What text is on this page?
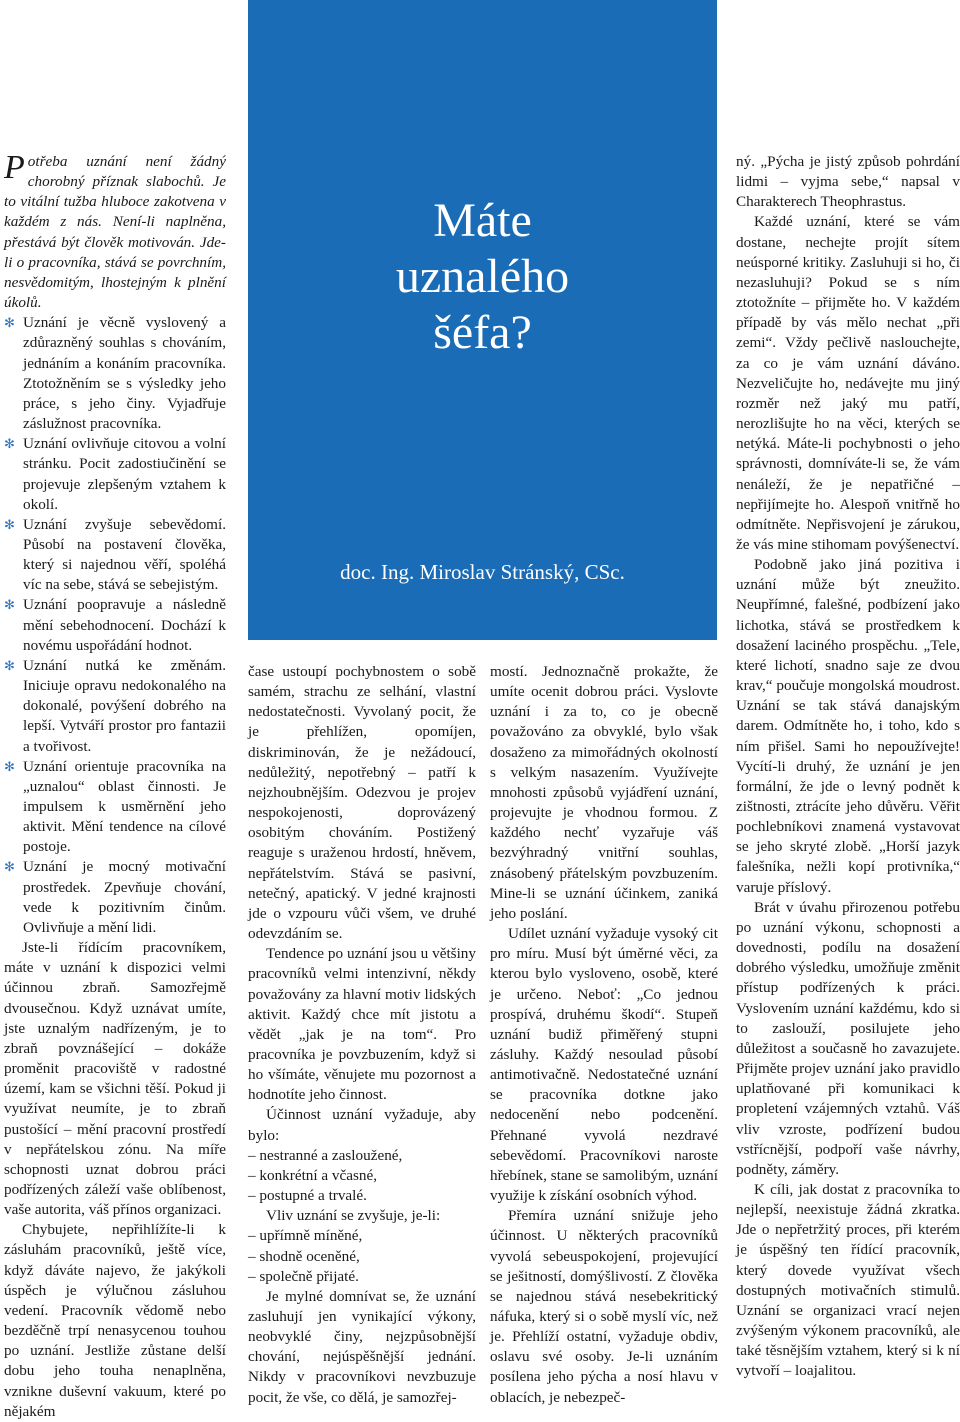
Potřeba uznání není žádný chorobný příznak slabochů. Je to vitální tužba hluboce zakotvena v každém z nás. Není-li naplněna, přestává být člověk motivován. Jde-li o pracovníka, stává se povrchním, nesvědomitým, lhostejným k plnění úkolů.

✻ Uznání je věcně vyslovený a zdůrazněný souhlas s chováním, jednáním a konáním pracovníka. Ztotožněním se s výsledky jeho práce, s jeho činy. Vyjadřuje záslužnost pracovníka.

✻ Uznání ovlivňuje citovou a volní stránku. Pocit zadostiučinění se projevuje zlepšeným vztahem k okolí.

✻ Uznání zvyšuje sebevědomí. Působí na postavení člověka, který si najednou věří, spoléhá víc na sebe, stává se sebejistým.

✻ Uznání poopravuje a následně mění sebehodnocení. Dochází k novému uspořádání hodnot.

✻ Uznání nutká ke změnám. Iniciuje opravu nedokonalého na dokonalé, povýšení dobrého na lepší. Vytváří prostor pro fantazii a tvořivost.

✻ Uznání orientuje pracovníka na „uznalou“ oblast činnosti. Je impulsem k usměrnění jeho aktivit. Mění tendence na cílové postoje.

✻ Uznání je mocný motivační prostředek. Zpevňuje chování, vede k pozitivním činům. Ovlivňuje a mění lidi.

Jste-li řídícím pracovníkem, máte v uznání k dispozici velmi účinnou zbraň. Samozřejmě dvousečnou. Když uznávat umíte, jste uznalým nadřízeným, je to zbraň povznášející – dokáže proměnit pracoviště v radostné území, kam se všichni těší. Pokud ji využívat neumíte, je to zbraň pustošící – mění pracovní prostředí v nepřátelskou zónu. Na míře schopnosti uznat dobrou práci podřízených záleží vaše oblíbenost, vaše autorita, váš přínos organizaci.

Chybujete, nepřihlížíte-li k zásluhám pracovníků, ještě více, když dáváte najevo, že jakýkoli úspěch je výlučnou zásluhou vedení. Pracovník vědomě nebo bezděčně trpí nenasycenou touhou po uznání. Jestliže zůstane delší dobu jeho touha nenaplněna, vznikne duševní vakuum, které po nějakém

Máte
uznalého
šéfa?
doc. Ing. Miroslav Stránský, CSc.

čase ustoupí pochybnostem o sobě samém, strachu ze selhání, vlastní nedostatečnosti. Vyvolaný pocit, že je přehlížen, opomíjen, diskriminován, že je nežádoucí, nedůležitý, nepotřebný – patří k nejzhoubnějším. Odezvou je projev nespokojenosti, doprovázený osobitým chováním. Postižený reaguje s uraženou hrdostí, hněvem, nepřátelstvím. Stává se pasivní, netečný, apatický. V jedné krajnosti jde o vzpouru vůči všem, ve druhé odevzdáním se.

Tendence po uznání jsou u většiny pracovníků velmi intenzivní, někdy považovány za hlavní motiv lidských aktivit. Každý chce mít jistotu a vědět „jak je na tom“. Pro pracovníka je povzbuzením, když si ho všímáte, věnujete mu pozornost a hodnotíte jeho činnost.

Účinnost uznání vyžaduje, aby bylo:

– nestranné a zasloužené,

– konkrétní a včasné,

– postupné a trvalé.

Vliv uznání se zvyšuje, je-li:

– upřímně míněné,

– shodně oceněné,

– společně přijaté.

Je mylné domnívat se, že uznání zasluhují jen vynikající výkony, neobvyklé činy, nejzpůsobnější chování, nejúspěšnější jednání. Nikdy v pracovníkovi nevzbuzuje pocit, že vše, co dělá, je samozřej-

mostí. Jednoznačně prokažte, že umíte ocenit dobrou práci. Vyslovte uznání i za to, co je obecně považováno za obvyklé, bylo však dosaženo za mimořádných okolností s velkým nasazením. Využívejte mnohosti způsobů vyjádření uznání, projevujte je vhodnou formou. Z každého nechť vyzařuje váš bezvýhradný vnitřní souhlas, znásobený přátelským povzbuzením. Mine-li se uznání účinkem, zaniká jeho poslání.

Udílet uznání vyžaduje vysoký cit pro míru. Musí být úměrné věci, za kterou bylo vysloveno, osobě, které je určeno. Neboť: „Co jednou prospívá, druhému škodí“. Stupeň uznání budiž přiměřený stupni zásluhy. Každý nesoulad působí antimotivačně. Nedostatečné uznání se pracovníka dotkne jako nedocenění nebo podcenění. Přehnané vyvolá nezdravé sebevědomí. Pracovníkovi naroste hřebínek, stane se samolibým, uznání využije k získání osobních výhod.

Přemíra uznání snižuje jeho účinnost. U některých pracovníků vyvolá sebeuspokojení, projevující se ješitností, domýšlivostí. Z člověka se najednou stává nesebekritický náfuka, který si o sobě myslí víc, než je. Přehlíží ostatní, vyžaduje obdiv, oslavu své osoby. Je-li uznáním posílena jeho pýcha a nosí hlavu v oblacích, je nebezpeč-

ný. „Pýcha je jistý způsob pohrdání lidmi – vyjma sebe,“ napsal v Charakterech Theophrastus.

Každé uznání, které se vám dostane, nechejte projít sítem neúsporné kritiky. Zasluhuji si ho, či nezasluhuji? Pokud se s ním ztotožníte – přijměte ho. V každém případě by vás mělo nechat „při zemi“. Vždy pečlivě naslouchejte, za co je vám uznání dáváno. Nezveličujte ho, nedávejte mu jiný rozměr než jaký mu patří, nerozlišujte ho na věci, kterých se netýká. Máte-li pochybnosti o jeho správnosti, domníváte-li se, že vám nenáleží, že je nepatřičné – nepřijímejte ho. Alespoň vnitřně ho odmítněte. Nepřisvojení je zárukou, že vás mine stihomam povýšenectví.

Podobně jako jiná pozitiva i uznání může být zneužito. Neupřímné, falešné, podbízení jako lichotka, stává se prostředkem k dosažení laciného prospěchu. „Tele, které lichotí, snadno saje ze dvou krav,“ poučuje mongolská moudrost. Uznání se tak stává danajským darem. Odmítněte ho, i toho, kdo s ním přišel. Sami ho nepoužívejte! Vycítí-li druhý, že uznání je jen formální, že jde o levný podnět k zištnosti, ztrácíte jeho důvěru. Věřit pochlebníkovi znamená vystavovat se jeho skryté zlobě. „Horší jazyk falešníka, nežli kopí protivníka,“ varuje příslový.

Brát v úvahu přirozenou potřebu po uznání výkonu, schopnosti a dovednosti, podílu na dosažení dobrého výsledku, umožňuje změnit přístup podřízených k práci. Vyslovením uznání každému, kdo si to zaslouží, posilujete jeho důležitost a současně ho zavazujete. Přijměte projev uznání jako pravidlo uplatňované při komunikaci k propletení vzájemných vztahů. Váš vliv vzroste, podřízení budou vstřícnější, podpoří vaše návrhy, podněty, záměry.

K cíli, jak dostat z pracovníka to nejlepší, neexistuje žádná zkratka. Jde o nepřetržitý proces, při kterém je úspěšný ten řídící pracovník, který dovede využívat všech dostupných motivačních stimulů. Uznání se organizaci vrací nejen zvýšeným výkonem pracovníků, ale také těsnějším vztahem, který si k ní vytvoří – loajalitou.
